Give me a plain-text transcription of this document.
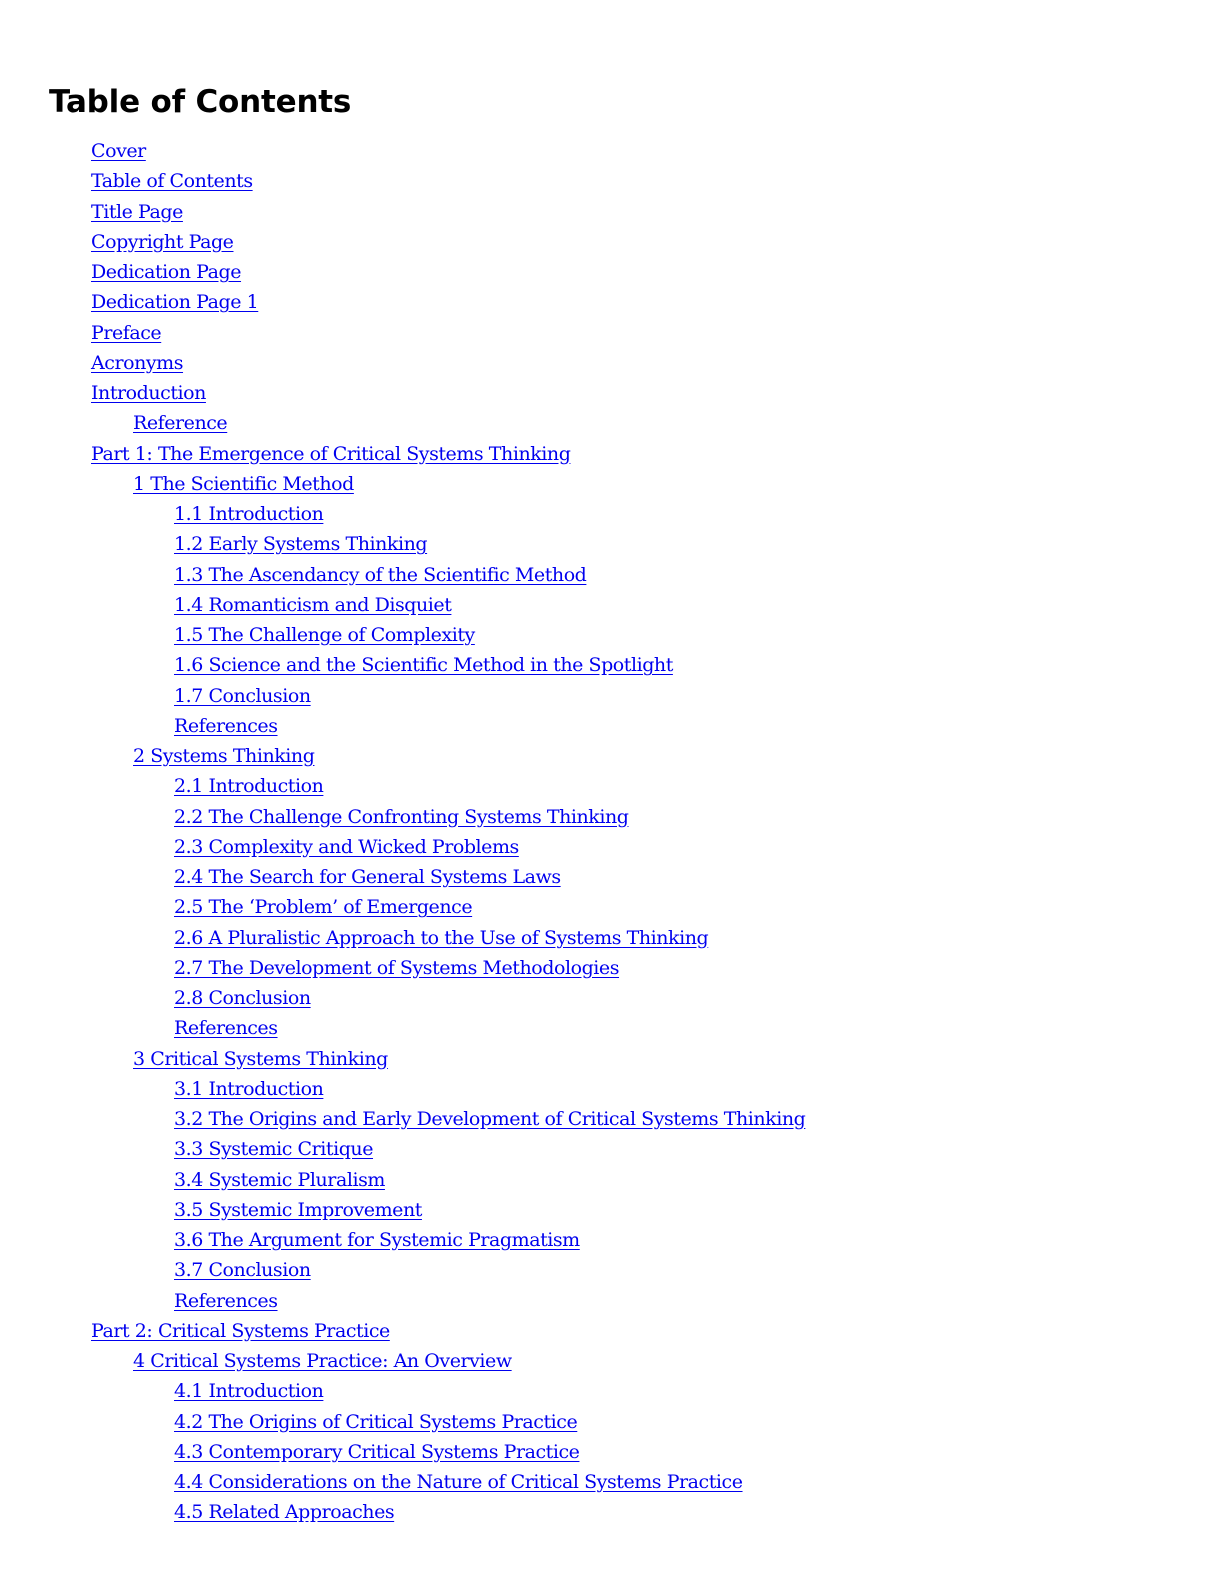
Table of Contents
Cover
Table of Contents
Title Page
Copyright Page
Dedication Page
Dedication Page 1
Preface
Acronyms
Introduction
Reference
Part 1: The Emergence of Critical Systems Thinking
1 The Scientific Method
1.1 Introduction
1.2 Early Systems Thinking
1.3 The Ascendancy of the Scientific Method
1.4 Romanticism and Disquiet
1.5 The Challenge of Complexity
1.6 Science and the Scientific Method in the Spotlight
1.7 Conclusion
References
2 Systems Thinking
2.1 Introduction
2.2 The Challenge Confronting Systems Thinking
2.3 Complexity and Wicked Problems
2.4 The Search for General Systems Laws
2.5 The ‘Problem’ of Emergence
2.6 A Pluralistic Approach to the Use of Systems Thinking
2.7 The Development of Systems Methodologies
2.8 Conclusion
References
3 Critical Systems Thinking
3.1 Introduction
3.2 The Origins and Early Development of Critical Systems Thinking
3.3 Systemic Critique
3.4 Systemic Pluralism
3.5 Systemic Improvement
3.6 The Argument for Systemic Pragmatism
3.7 Conclusion
References
Part 2: Critical Systems Practice
4 Critical Systems Practice: An Overview
4.1 Introduction
4.2 The Origins of Critical Systems Practice
4.3 Contemporary Critical Systems Practice
4.4 Considerations on the Nature of Critical Systems Practice
4.5 Related Approaches
